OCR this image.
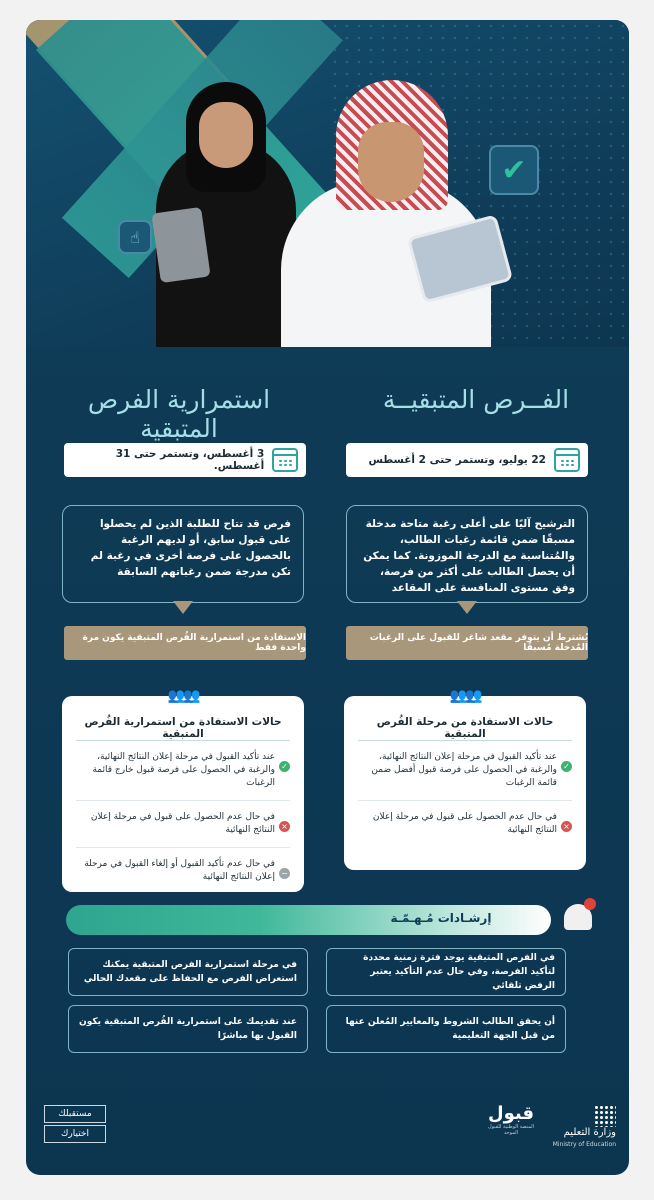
✔
☝
الفــرص المتبقيــة
استمرارية الفرص المتبقية
22 يوليو، وتستمر حتى 2 أغسطس
3 أغسطس، وتستمر حتى 31 أغسطس.
الترشيح آليًا على أعلى رغبة متاحة مدخلة مسبقًا ضمن قائمة رغبات الطالب، والمُتناسبة مع الدرجة الموزونة. كما يمكن أن يحصل الطالب على أكثر من فرصة، وفق مستوى المنافسة على المقاعد
فرص قد تتاح للطلبة الذين لم يحصلوا على قبول سابق، أو لديهم الرغبة بالحصول على فرصة أخرى في رغبة لم تكن مدرجة ضمن رغباتهم السابقة
يُشترط أن يتوفر مقعد شاغر للقبول على الرغبات المُدخلة مُسبقًا
الاستفادة من استمرارية الفُرص المتبقية يكون مرة واحدة فقط
👥👥
حالات الاستفادة من مرحلة الفُرص المتبقية
✓
عند تأكيد القبول في مرحلة إعلان النتائج النهائية، والرغبة في الحصول على فرصة قبول أفضل ضمن قائمة الرغبات
×
في حال عدم الحصول على قبول في مرحلة إعلان النتائج النهائية
👥👥
حالات الاستفادة من استمرارية الفُرص المتبقية
✓
عند تأكيد القبول في مرحلة إعلان النتائج النهائية، والرغبة في الحصول على فرصة قبول خارج قائمة الرغبات
×
في حال عدم الحصول على قبول في مرحلة إعلان النتائج النهائية
−
في حال عدم تأكيد القبول أو إلغاء القبول في مرحلة إعلان النتائج النهائية
إرشـادات مُـهـمّـة
في الفرص المتبقية يوجد فترة زمنية محددة لتأكيد الفرصة، وفي حال عدم التأكيد يعتبر الرفض تلقائي
في مرحلة استمرارية الفرص المتبقية يمكنك استعراض الفرص مع الحفاظ على مقعدك الحالي
أن يحقق الطالب الشروط والمعايير المُعلن عنها من قبل الجهة التعليمية
عند تقديمك على استمرارية الفُرص المتبقية يكون القبول بها مباشرًا
وزارة التعليم
Ministry of Education
قبول
المنصة الوطنية للقبول الموحد
مستقبلك
اختيارك
